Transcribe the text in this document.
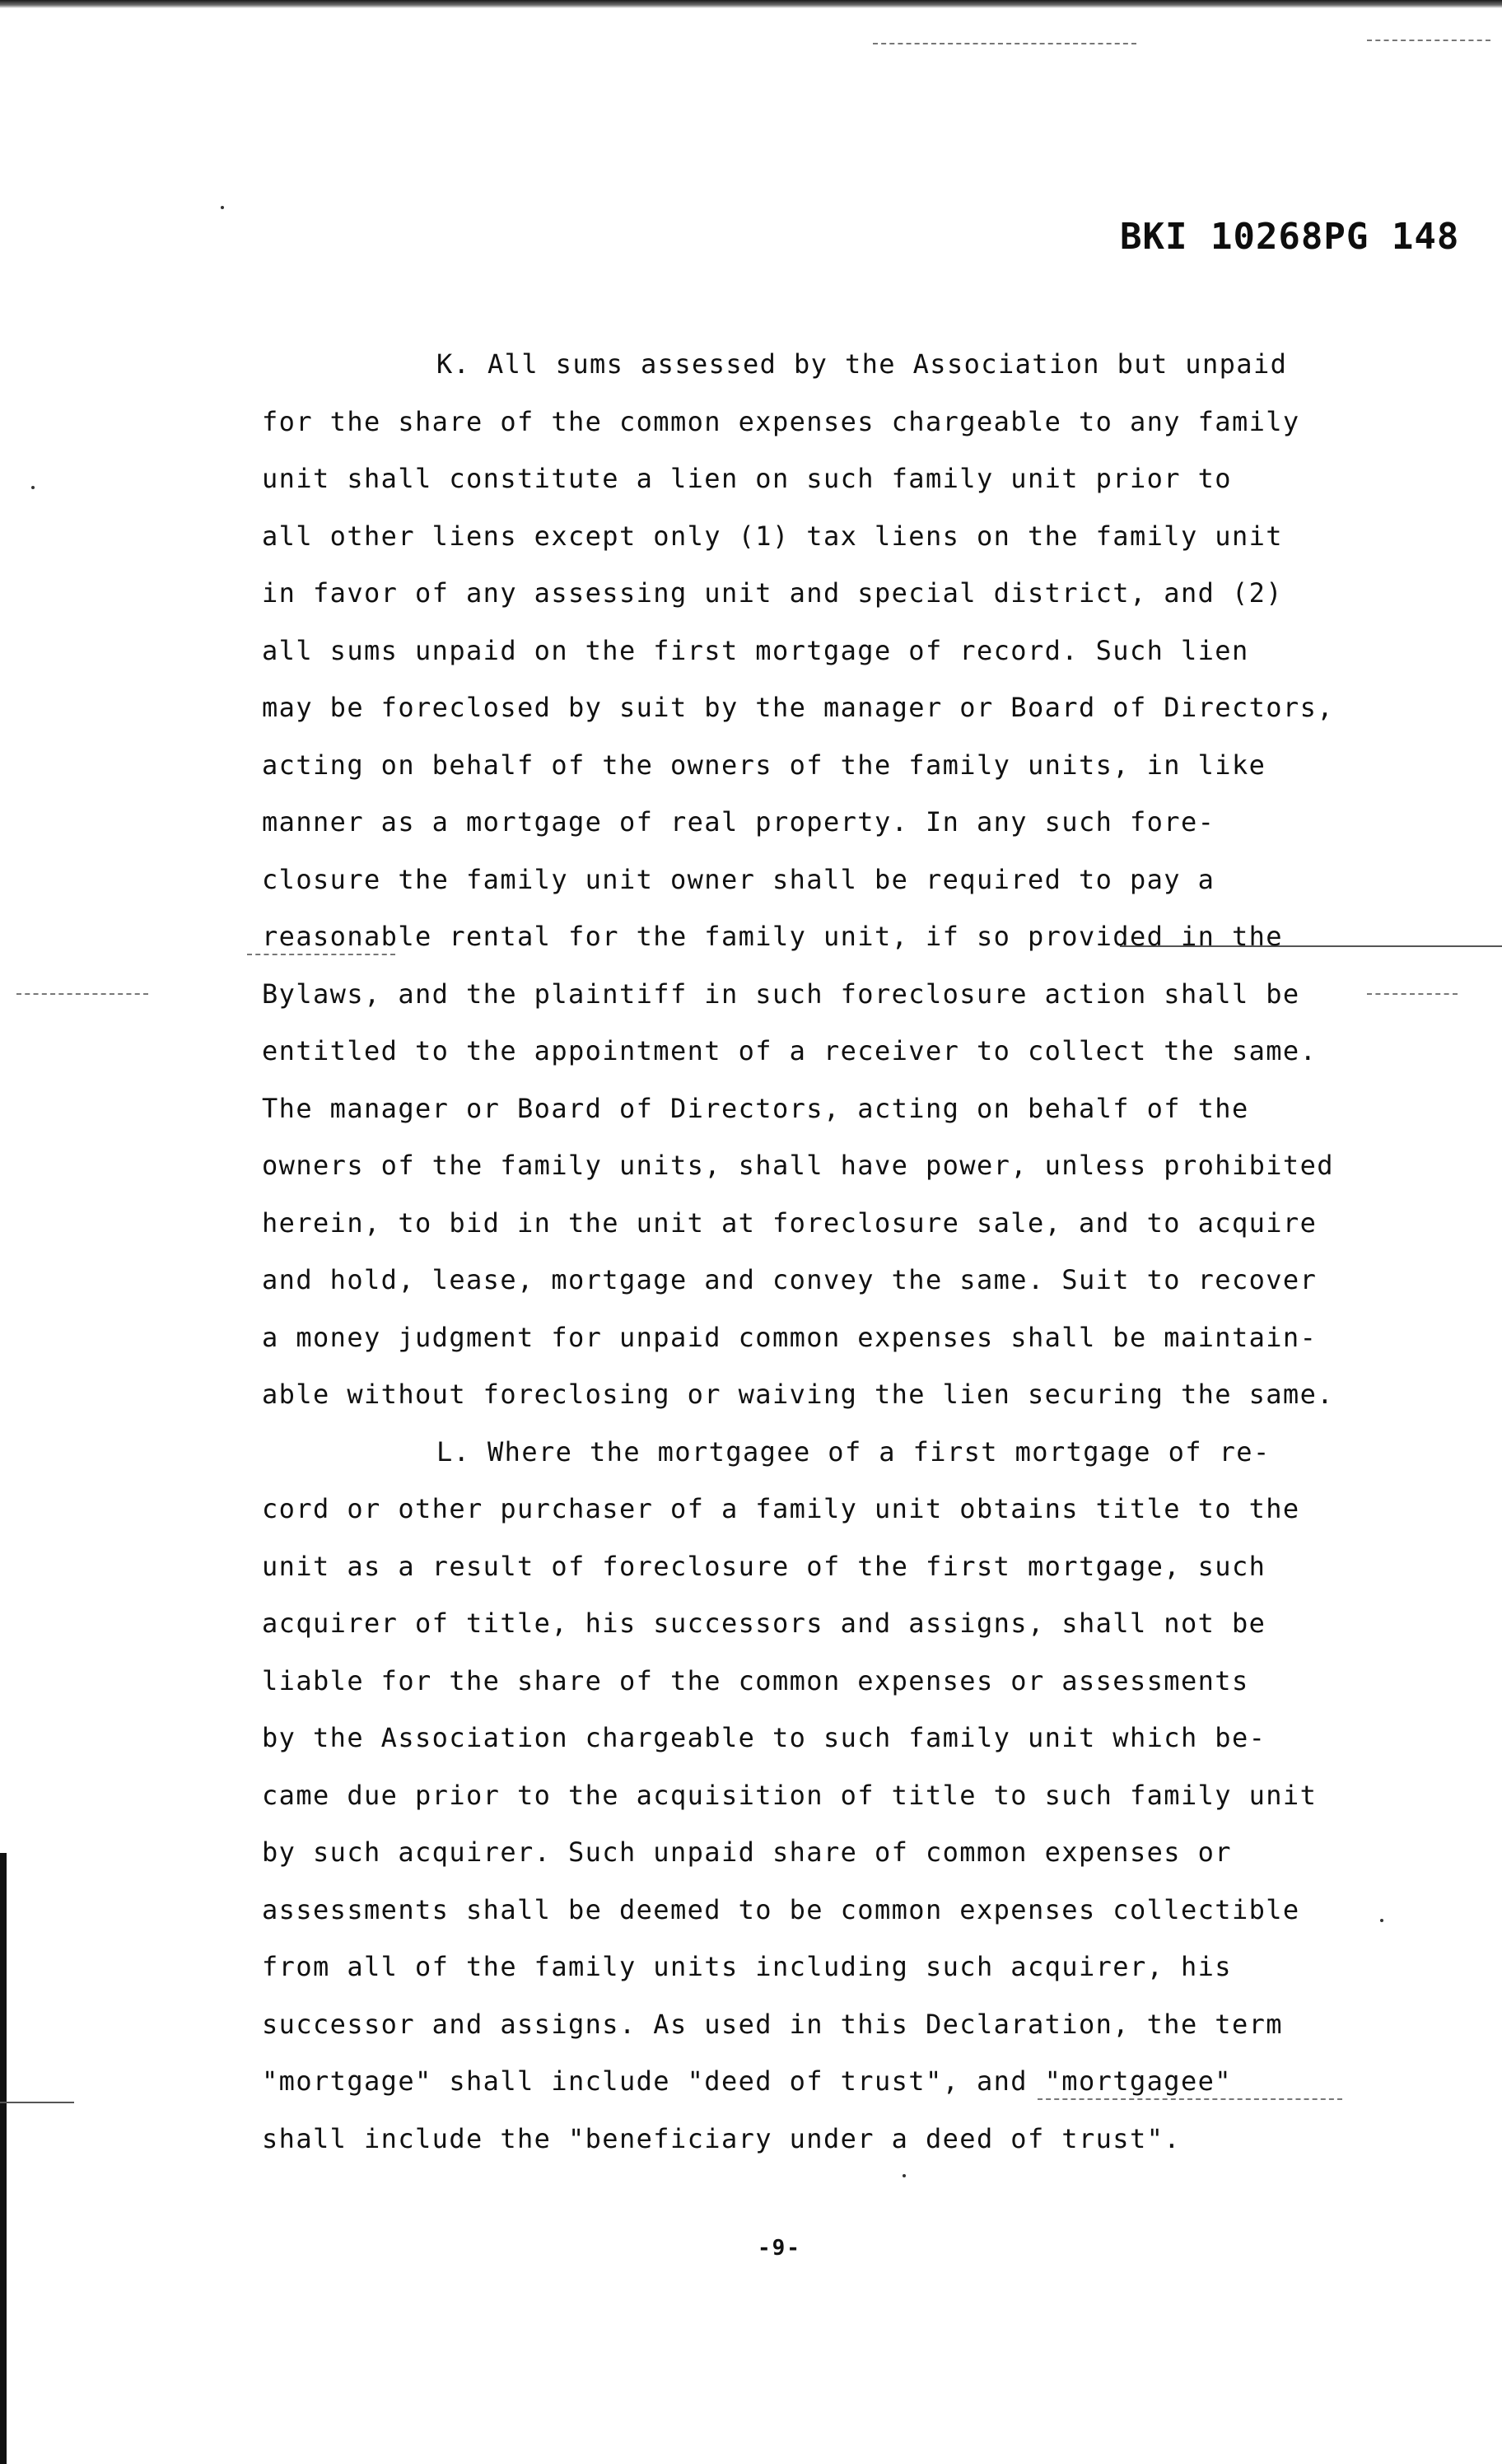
BKI 10268PG 148
K. All sums assessed by the Association but unpaid
for the share of the common expenses chargeable to any family
unit shall constitute a lien on such family unit prior to
all other liens except only (1) tax liens on the family unit
in favor of any assessing unit and special district, and (2)
all sums unpaid on the first mortgage of record. Such lien
may be foreclosed by suit by the manager or Board of Directors,
acting on behalf of the owners of the family units, in like
manner as a mortgage of real property. In any such fore-
closure the family unit owner shall be required to pay a
reasonable rental for the family unit, if so provided in the
Bylaws, and the plaintiff in such foreclosure action shall be
entitled to the appointment of a receiver to collect the same.
The manager or Board of Directors, acting on behalf of the
owners of the family units, shall have power, unless prohibited
herein, to bid in the unit at foreclosure sale, and to acquire
and hold, lease, mortgage and convey the same. Suit to recover
a money judgment for unpaid common expenses shall be maintain-
able without foreclosing or waiving the lien securing the same.
L. Where the mortgagee of a first mortgage of re-
cord or other purchaser of a family unit obtains title to the
unit as a result of foreclosure of the first mortgage, such
acquirer of title, his successors and assigns, shall not be
liable for the share of the common expenses or assessments
by the Association chargeable to such family unit which be-
came due prior to the acquisition of title to such family unit
by such acquirer. Such unpaid share of common expenses or
assessments shall be deemed to be common expenses collectible
from all of the family units including such acquirer, his
successor and assigns. As used in this Declaration, the term
"mortgage" shall include "deed of trust", and "mortgagee"
shall include the "beneficiary under a deed of trust".
-9-
